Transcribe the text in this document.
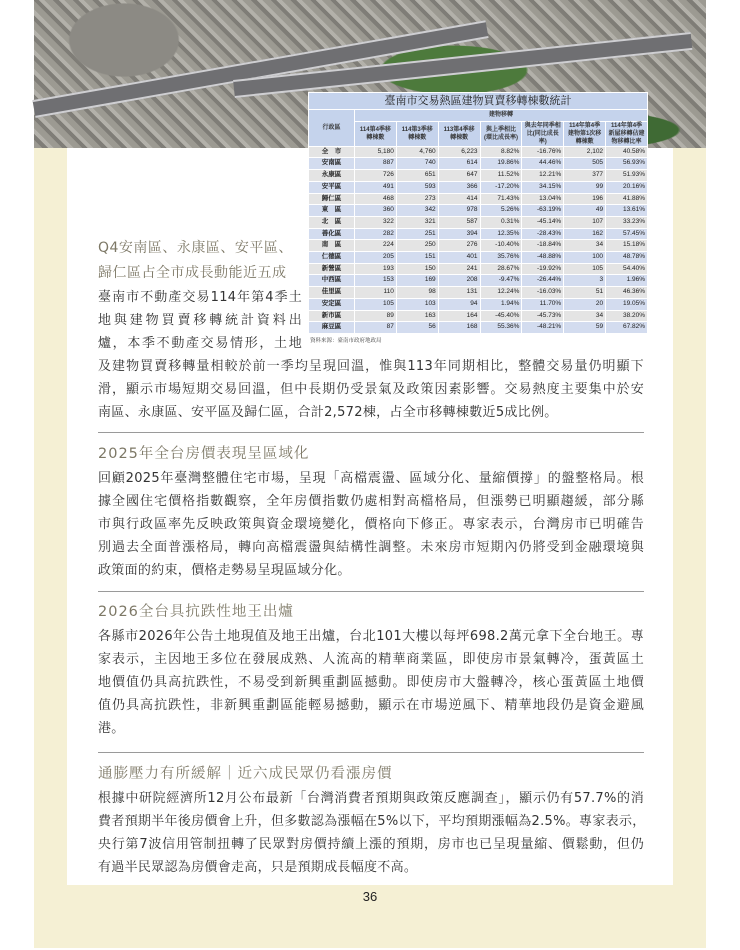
臺南市交易熱區建物買賣移轉棟數統計							
行政區	建物移轉						
	114第4季移轉棟數	114第3季移轉棟數	113第4季移轉棟數	與上季相比(環比成長率)	與去年同季相比(同比成長率)	114年第4季建物第1次移轉棟數	114年第4季新屋移轉佔建物移轉比率
全　市	5,180	4,760	6,223	8.82%	-16.76%	2,102	40.58%
安南區	887	740	614	19.86%	44.46%	505	56.93%
永康區	726	651	647	11.52%	12.21%	377	51.93%
安平區	491	593	366	-17.20%	34.15%	99	20.16%
歸仁區	468	273	414	71.43%	13.04%	196	41.88%
東　區	360	342	978	5.26%	-63.19%	49	13.61%
北　區	322	321	587	0.31%	-45.14%	107	33.23%
善化區	282	251	394	12.35%	-28.43%	162	57.45%
南　區	224	250	276	-10.40%	-18.84%	34	15.18%
仁德區	205	151	401	35.76%	-48.88%	100	48.78%
新營區	193	150	241	28.67%	-19.92%	105	54.40%
中西區	153	169	208	-9.47%	-26.44%	3	1.96%
佳里區	110	98	131	12.24%	-16.03%	51	46.36%
安定區	105	103	94	1.94%	11.70%	20	19.05%
新市區	89	163	164	-45.40%	-45.73%	34	38.20%
麻豆區	87	56	168	55.36%	-48.21%	59	67.82%
資料來源：臺南市政府地政局
Q4安南區、永康區、安平區、
歸仁區占全市成長動能近五成
臺南市不動產交易114年第4季土
地與建物買賣移轉統計資料出
爐，本季不動產交易情形，土地
及建物買賣移轉量相較於前一季均呈現回溫，惟與113年同期相比，整體交易量仍明顯下
滑，顯示市場短期交易回溫，但中長期仍受景氣及政策因素影響。交易熱度主要集中於安
南區、永康區、安平區及歸仁區，合計2,572棟，占全市移轉棟數近5成比例。
2025年全台房價表現呈區域化
回顧2025年臺灣整體住宅市場，呈現「高檔震盪、區域分化、量縮價撐」的盤整格局。根
據全國住宅價格指數觀察，全年房價指數仍處相對高檔格局，但漲勢已明顯趨緩，部分縣
市與行政區率先反映政策與資金環境變化，價格向下修正。專家表示，台灣房市已明確告
別過去全面普漲格局，轉向高檔震盪與結構性調整。未來房市短期內仍將受到金融環境與
政策面的約束，價格走勢易呈現區域分化。
2026全台具抗跌性地王出爐
各縣市2026年公告土地現值及地王出爐，台北101大樓以每坪698.2萬元拿下全台地王。專
家表示，主因地王多位在發展成熟、人流高的精華商業區，即使房市景氣轉冷，蛋黃區土
地價值仍具高抗跌性，不易受到新興重劃區撼動。即使房市大盤轉冷，核心蛋黃區土地價
值仍具高抗跌性，非新興重劃區能輕易撼動，顯示在市場逆風下、精華地段仍是資金避風
港。
通膨壓力有所緩解｜近六成民眾仍看漲房價
根據中研院經濟所12月公布最新「台灣消費者預期與政策反應調查」，顯示仍有57.7%的消
費者預期半年後房價會上升，但多數認為漲幅在5%以下，平均預期漲幅為2.5%。專家表示，
央行第7波信用管制扭轉了民眾對房價持續上漲的預期，房市也已呈現量縮、價鬆動，但仍
有過半民眾認為房價會走高，只是預期成長幅度不高。
36
